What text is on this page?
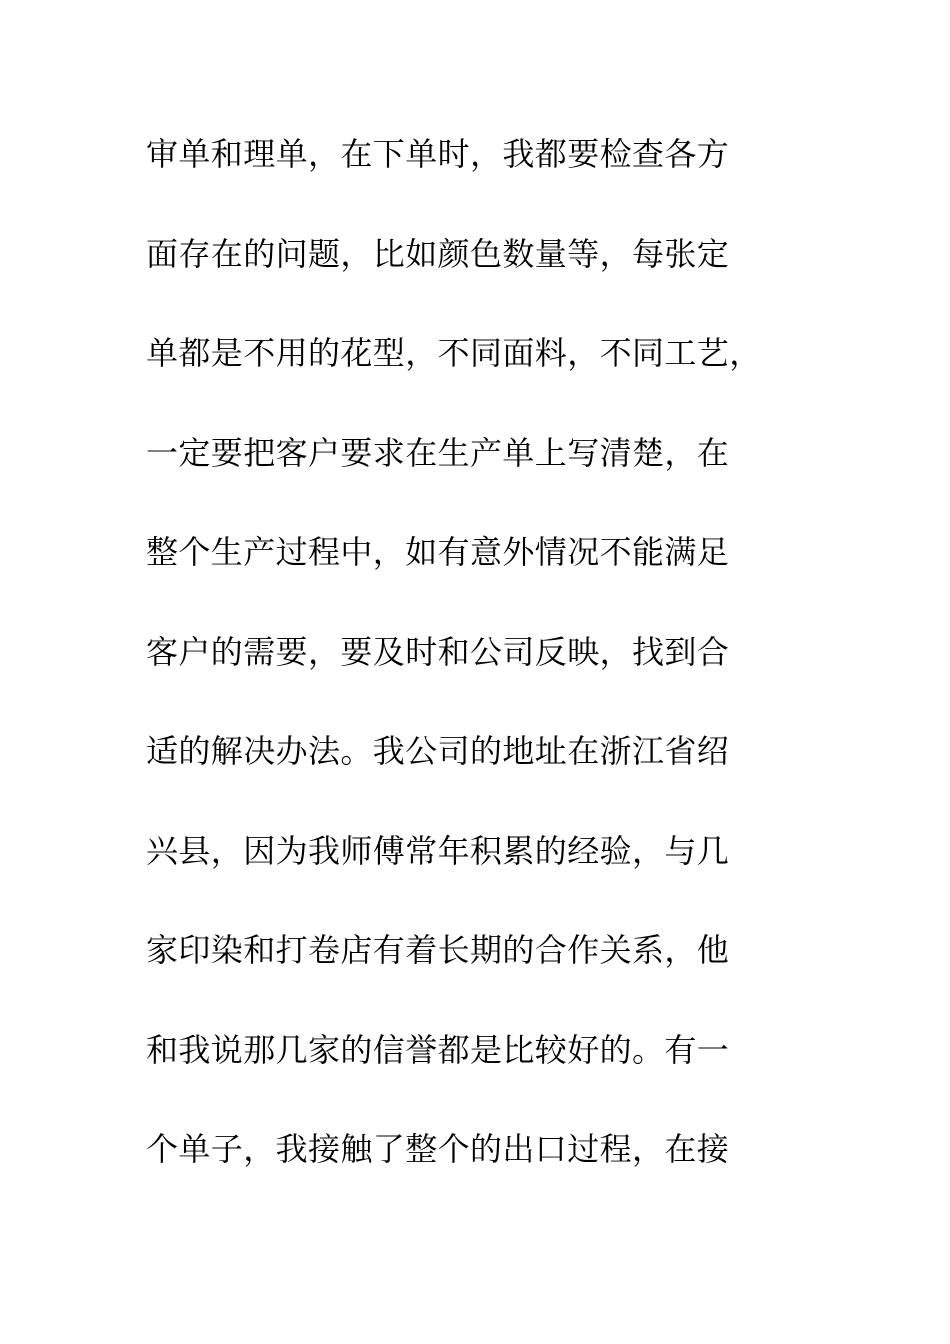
审单和理单，在下单时，我都要检查各方
面存在的问题，比如颜色数量等，每张定
单都是不用的花型，不同面料，不同工艺，
一定要把客户要求在生产单上写清楚，在
整个生产过程中，如有意外情况不能满足
客户的需要，要及时和公司反映，找到合
适的解决办法。我公司的地址在浙江省绍
兴县，因为我师傅常年积累的经验，与几
家印染和打卷店有着长期的合作关系，他
和我说那几家的信誉都是比较好的。有一
个单子，我接触了整个的出口过程，在接
